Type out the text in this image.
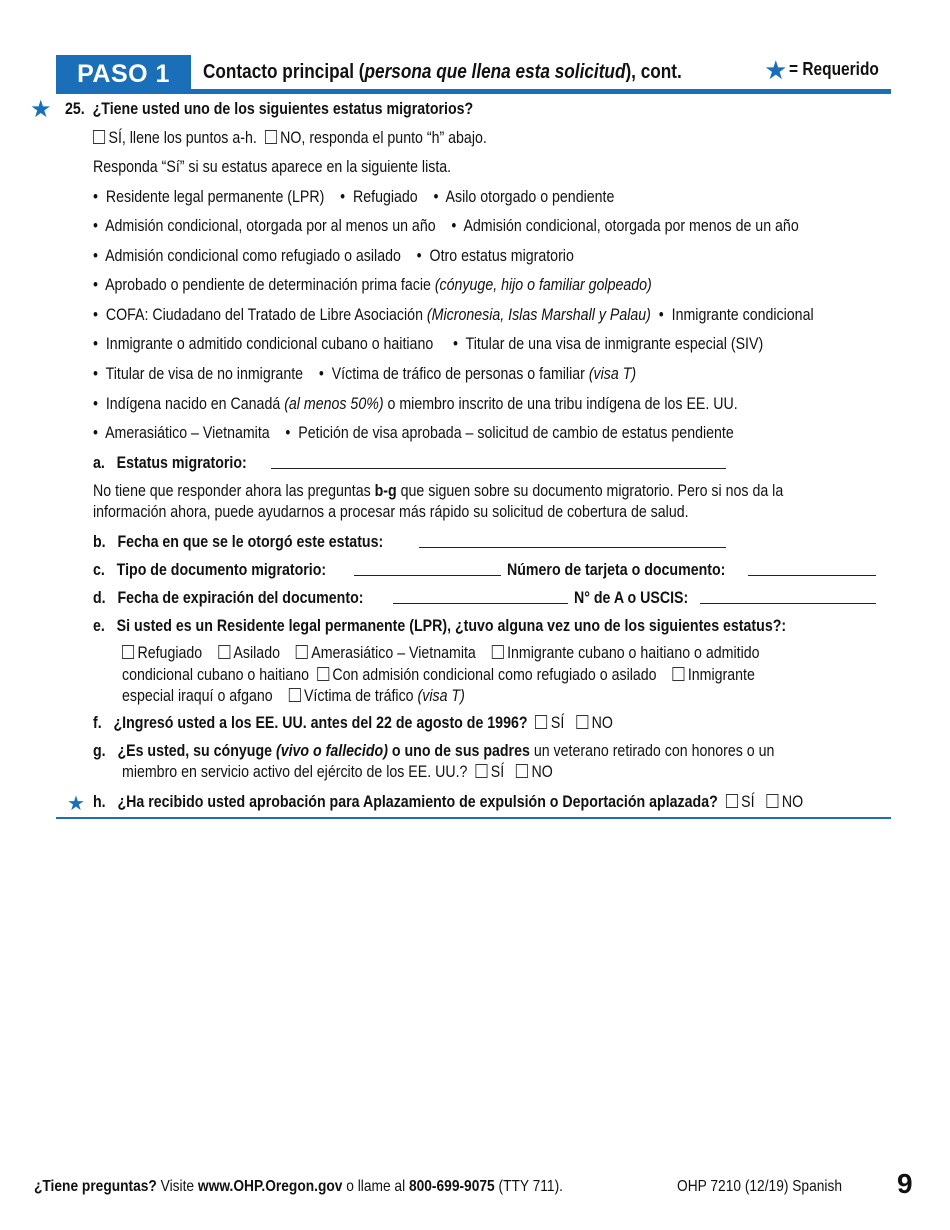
PASO 1	Contacto principal (persona que llena esta solicitud), cont.	★ = Requerido
★ 25. ¿Tiene usted uno de los siguientes estatus migratorios?
SÍ, llene los puntos a-h. NO, responda el punto “h” abajo.
Responda “Sí” si su estatus aparece en la siguiente lista.
•  Residente legal permanente (LPR)    •  Refugiado    •  Asilo otorgado o pendiente
•  Admisión condicional, otorgada por al menos un año    •  Admisión condicional, otorgada por menos de un año
•  Admisión condicional como refugiado o asilado    •  Otro estatus migratorio
•  Aprobado o pendiente de determinación prima facie (cónyuge, hijo o familiar golpeado)
•  COFA: Ciudadano del Tratado de Libre Asociación (Micronesia, Islas Marshall y Palau)  •  Inmigrante condicional
•  Inmigrante o admitido condicional cubano o haitiano     •  Titular de una visa de inmigrante especial (SIV)
•  Titular de visa de no inmigrante    •  Víctima de tráfico de personas o familiar (visa T)
•  Indígena nacido en Canadá (al menos 50%) o miembro inscrito de una tribu indígena de los EE. UU.
•  Amerasiático – Vietnamita    •  Petición de visa aprobada – solicitud de cambio de estatus pendiente
a. Estatus migratorio:
No tiene que responder ahora las preguntas b-g que siguen sobre su documento migratorio. Pero si nos da la
información ahora, puede ayudarnos a procesar más rápido su solicitud de cobertura de salud.
b. Fecha en que se le otorgó este estatus:
c. Tipo de documento migratorio:	Número de tarjeta o documento:
d. Fecha de expiración del documento:	N° de A o USCIS:
e. Si usted es un Residente legal permanente (LPR), ¿tuvo alguna vez uno de los siguientes estatus?:
Refugiado Asilado Amerasiático – Vietnamita Inmigrante cubano o haitiano o admitido
condicional cubano o haitiano Con admisión condicional como refugiado o asilado Inmigrante
especial iraquí o afgano Víctima de tráfico (visa T)
f. ¿Ingresó usted a los EE. UU. antes del 22 de agosto de 1996? SÍ NO
g. ¿Es usted, su cónyuge (vivo o fallecido) o uno de sus padres un veterano retirado con honores o un
miembro en servicio activo del ejército de los EE. UU.? SÍ NO
★ h. ¿Ha recibido usted aprobación para Aplazamiento de expulsión o Deportación aplazada? SÍ NO
¿Tiene preguntas? Visite www.OHP.Oregon.gov o llame al 800-699-9075 (TTY 711).	OHP 7210 (12/19) Spanish	9
